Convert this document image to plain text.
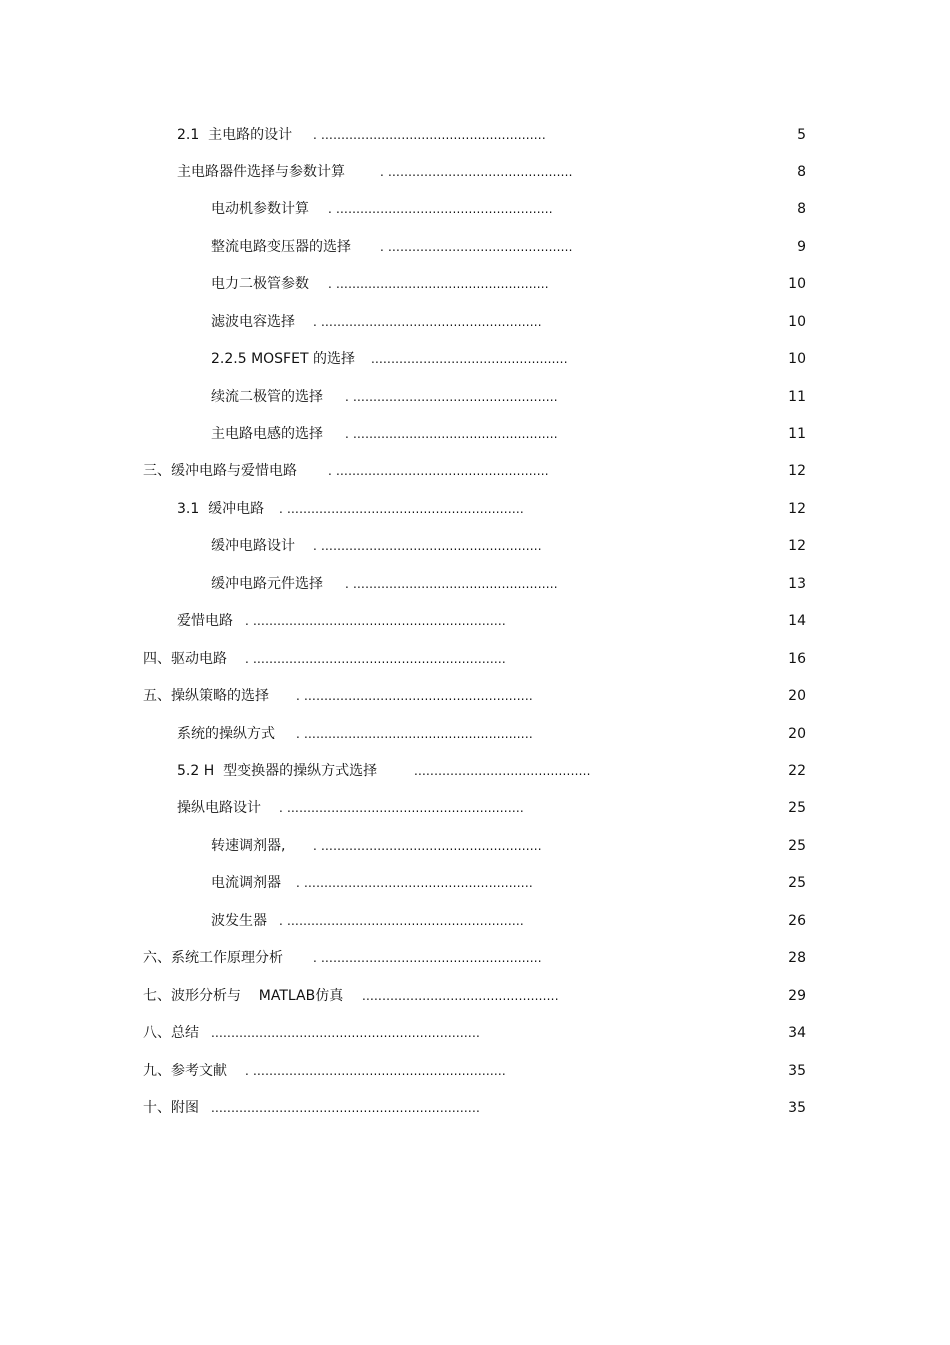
2.1  主电路的设计 . ........................................................	5
主电路器件选择与参数计算	. ..............................................	8
电动机参数计算 . ......................................................	8
整流电路变压器的选择 . ..............................................	9
电力二极管参数 . .....................................................	10
滤波电容选择 . .......................................................	10
2.2.5 MOSFET 的选择 .................................................	10
续流二极管的选择 . ...................................................	11
主电路电感的选择 . ...................................................	11
三、缓冲电路与爱惜电路	. .....................................................	12
3.1  缓冲电路 . ...........................................................	12
缓冲电路设计 . .......................................................	12
缓冲电路元件选择 . ...................................................	13
爱惜电路 . ...............................................................	14
四、驱动电路 . ...............................................................	16
五、操纵策略的选择 . .........................................................	20
系统的操纵方式 . .........................................................	20
5.2 H  型变换器的操纵方式选择	............................................	22
操纵电路设计 . ...........................................................	25
转速调剂器, . .......................................................	25
电流调剂器 . .........................................................	25
波发生器 . ...........................................................	26
六、系统工作原理分析	. .......................................................	28
七、波形分析与    MATLAB仿真 .................................................	29
八、总结 ...................................................................	34
九、参考文献 . ...............................................................	35
十、附图 ...................................................................	35
